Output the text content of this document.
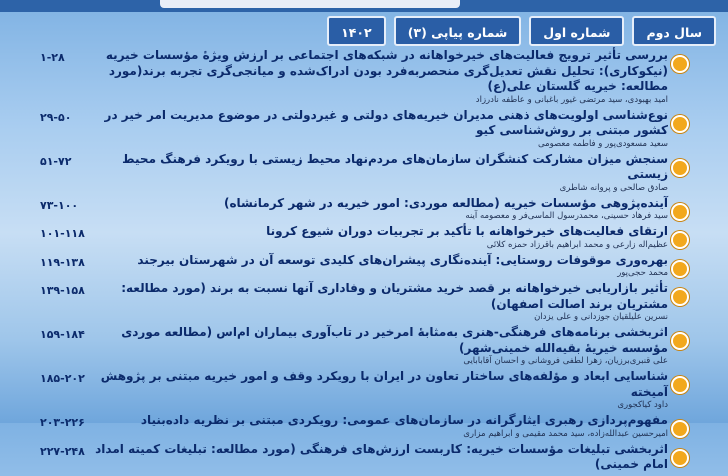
سال دوم
شماره اول
شماره پیاپی (۳)
۱۴۰۲
بررسی تأثیر ترویج فعالیت‌های خیرخواهانه در شبکه‌های اجتماعی بر ارزش ویژهٔ مؤسسات خیریه (نیکوکاری): تحلیل نقش تعدیل‌گری منحصربه‌فرد بودن ادراک‌شده و میانجی‌گری تجربه برند(مورد مطالعه: خیریه گلستان علی(ع)
امید بهبودی، سید مرتضی غیور باغبانی و عاطفه نادرزاد
۱-۲۸
نوع‌شناسی اولویت‌های ذهنی مدیران خیریه‌های دولتی و غیردولتی در موضوع مدیریت امر خیر در کشور مبتنی بر روش‌شناسی کیو
سعید مسعودی‌پور و فاطمه معصومی
۲۹-۵۰
سنجش میزان مشارکت کنشگران سازمان‌های مردم‌نهاد محیط زیستی با رویکرد فرهنگ محیط زیستی
صادق صالحی و پروانه شاطری
۵۱-۷۲
آینده‌پژوهی مؤسسات خیریه (مطالعه موردی: امور خیریه در شهر کرمانشاه)
سید فرهاد حسینی، محمدرسول الماسی‌فر و معصومه آینه
۷۳-۱۰۰
ارتقای فعالیت‌های خیرخواهانه با تأکید بر تجربیات دوران شیوع کرونا
عظیم‌اله زارعی و محمد ابراهیم باقرزاد حمزه کلائی
۱۰۱-۱۱۸
بهره‌وری موقوفات روستایی: آینده‌نگاری پیشران‌های کلیدی توسعه آن در شهرستان بیرجند
محمد حجی‌پور
۱۱۹-۱۳۸
تأثیر بازاریابی خیرخواهانه بر قصد خرید مشتریان و وفاداری آنها نسبت به برند (مورد مطالعه: مشتریان برند اصالت اصفهان)
نسرین علیلقیان جوزدانی و علی یزدان
۱۳۹-۱۵۸
اثربخشی برنامه‌های فرهنگی-هنری به‌مثابهٔ امرخیر در تاب‌آوری بیماران ام‌اس (مطالعه موردی مؤسسه خیریهٔ بقیه‌الله خمینی‌شهر)
علی قنبری‌برزیان، زهرا لطفی فروشانی و احسان آقابابایی
۱۵۹-۱۸۴
شناسایی ابعاد و مؤلفه‌های ساختار تعاون در ایران با رویکرد وقف و امور خیریه مبتنی بر پژوهش آمیخته
داود کیاکجوری
۱۸۵-۲۰۲
مفهوم‌پردازی رهبری ایثارگرانه در سازمان‌های عمومی: رویکردی مبتنی بر نظریه داده‌بنیاد
امیرحسین عبدالله‌زاده، سید محمد مقیمی و ابراهیم مزاری
۲۰۳-۲۲۶
اثربخشی تبلیغات مؤسسات خیریه: کاربست ارزش‌های فرهنگی (مورد مطالعه: تبلیغات کمیته امداد امام خمینی)
۲۲۷-۲۴۸
